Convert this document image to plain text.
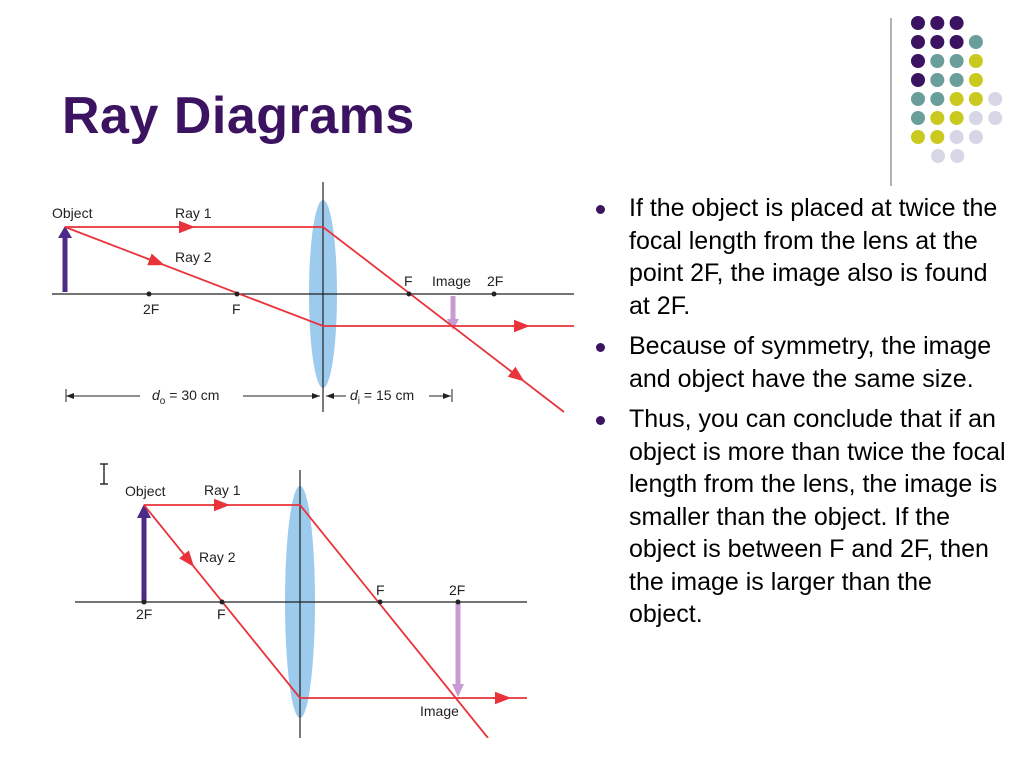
Ray Diagrams
Object	Ray 1
Ray 2
2F	F
F Image 2F
$d_o = 30$ cm	$d_i = 15$ cm
Object	Ray 1
Ray 2
2F	F
F	2F
Image
If the object is placed at twice the focal length from the lens at the point 2F, the image also is found at 2F.
Because of symmetry, the image and object have the same size.
Thus, you can conclude that if an object is more than twice the focal length from the lens, the image is smaller than the object. If the object is between F and 2F, then the image is larger than the object.
